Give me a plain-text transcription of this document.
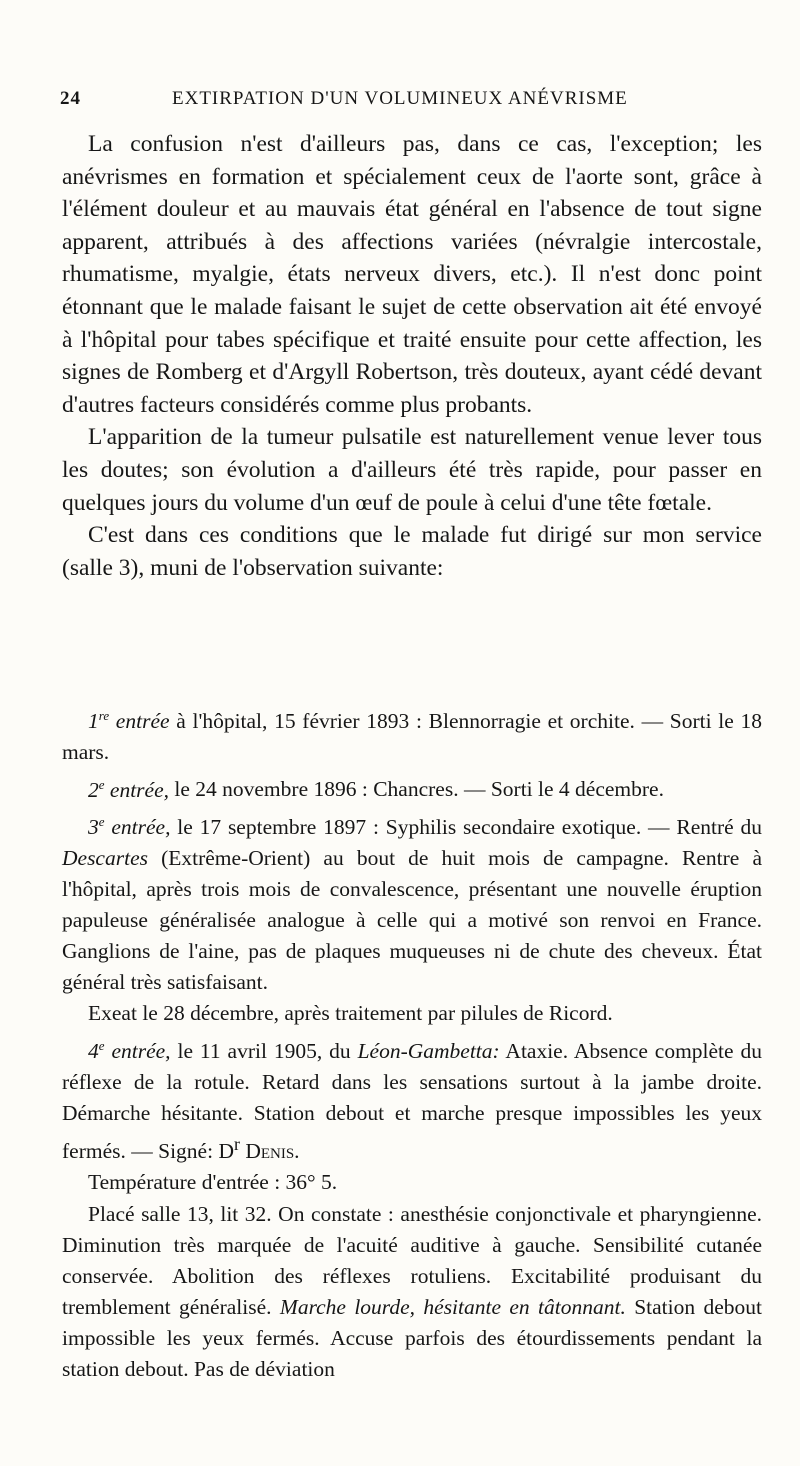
24	EXTIRPATION D'UN VOLUMINEUX ANÉVRISME

La confusion n'est d'ailleurs pas, dans ce cas, l'exception; les anévrismes en formation et spécialement ceux de l'aorte sont, grâce à l'élément douleur et au mauvais état général en l'absence de tout signe apparent, attribués à des affections variées (névralgie intercostale, rhumatisme, myalgie, états nerveux divers, etc.). Il n'est donc point étonnant que le malade faisant le sujet de cette observation ait été envoyé à l'hôpital pour tabes spécifique et traité ensuite pour cette affection, les signes de Romberg et d'Argyll Robertson, très douteux, ayant cédé devant d'autres facteurs considérés comme plus probants.

L'apparition de la tumeur pulsatile est naturellement venue lever tous les doutes; son évolution a d'ailleurs été très rapide, pour passer en quelques jours du volume d'un œuf de poule à celui d'une tête fœtale.

C'est dans ces conditions que le malade fut dirigé sur mon service (salle 3), muni de l'observation suivante:

1re entrée à l'hôpital, 15 février 1893 : Blennorragie et orchite. — Sorti le 18 mars.

2e entrée, le 24 novembre 1896 : Chancres. — Sorti le 4 décembre.

3e entrée, le 17 septembre 1897 : Syphilis secondaire exotique. — Rentré du Descartes (Extrême-Orient) au bout de huit mois de campagne. Rentre à l'hôpital, après trois mois de convalescence, présentant une nouvelle éruption papuleuse généralisée analogue à celle qui a motivé son renvoi en France. Ganglions de l'aine, pas de plaques muqueuses ni de chute des cheveux. État général très satisfaisant.

Exeat le 28 décembre, après traitement par pilules de Ricord.

4e entrée, le 11 avril 1905, du Léon-Gambetta: Ataxie. Absence complète du réflexe de la rotule. Retard dans les sensations surtout à la jambe droite. Démarche hésitante. Station debout et marche presque impossibles les yeux fermés. — Signé: $D^r$ Denis.

Température d'entrée : 36° 5.

Placé salle 13, lit 32. On constate : anesthésie conjonctivale et pharyngienne. Diminution très marquée de l'acuité auditive à gauche. Sensibilité cutanée conservée. Abolition des réflexes rotuliens. Excitabilité produisant du tremblement généralisé. Marche lourde, hésitante en tâtonnant. Station debout impossible les yeux fermés. Accuse parfois des étourdissements pendant la station debout. Pas de déviation
